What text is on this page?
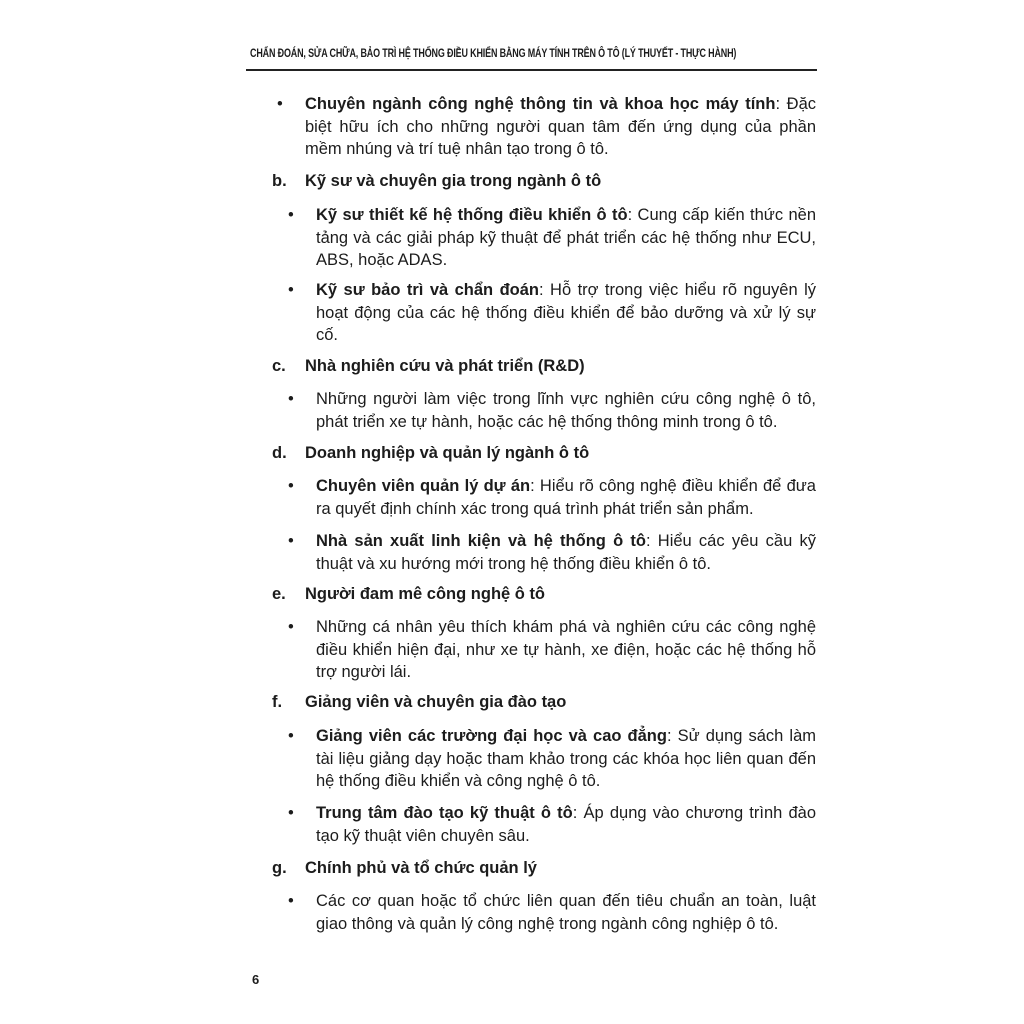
CHẨN ĐOÁN, SỬA CHỮA, BẢO TRÌ HỆ THỐNG ĐIỀU KHIỂN BẰNG MÁY TÍNH TRÊN Ô TÔ (LÝ THUYẾT - THỰC HÀNH)
• Chuyên ngành công nghệ thông tin và khoa học máy tính: Đặc biệt hữu ích cho những người quan tâm đến ứng dụng của phần mềm nhúng và trí tuệ nhân tạo trong ô tô.
b. Kỹ sư và chuyên gia trong ngành ô tô
• Kỹ sư thiết kế hệ thống điều khiển ô tô: Cung cấp kiến thức nền tảng và các giải pháp kỹ thuật để phát triển các hệ thống như ECU, ABS, hoặc ADAS.
• Kỹ sư bảo trì và chẩn đoán: Hỗ trợ trong việc hiểu rõ nguyên lý hoạt động của các hệ thống điều khiển để bảo dưỡng và xử lý sự cố.
c. Nhà nghiên cứu và phát triển (R&D)
• Những người làm việc trong lĩnh vực nghiên cứu công nghệ ô tô, phát triển xe tự hành, hoặc các hệ thống thông minh trong ô tô.
d. Doanh nghiệp và quản lý ngành ô tô
• Chuyên viên quản lý dự án: Hiểu rõ công nghệ điều khiển để đưa ra quyết định chính xác trong quá trình phát triển sản phẩm.
• Nhà sản xuất linh kiện và hệ thống ô tô: Hiểu các yêu cầu kỹ thuật và xu hướng mới trong hệ thống điều khiển ô tô.
e. Người đam mê công nghệ ô tô
• Những cá nhân yêu thích khám phá và nghiên cứu các công nghệ điều khiển hiện đại, như xe tự hành, xe điện, hoặc các hệ thống hỗ trợ người lái.
f. Giảng viên và chuyên gia đào tạo
• Giảng viên các trường đại học và cao đẳng: Sử dụng sách làm tài liệu giảng dạy hoặc tham khảo trong các khóa học liên quan đến hệ thống điều khiển và công nghệ ô tô.
• Trung tâm đào tạo kỹ thuật ô tô: Áp dụng vào chương trình đào tạo kỹ thuật viên chuyên sâu.
g. Chính phủ và tổ chức quản lý
• Các cơ quan hoặc tổ chức liên quan đến tiêu chuẩn an toàn, luật giao thông và quản lý công nghệ trong ngành công nghiệp ô tô.
6
